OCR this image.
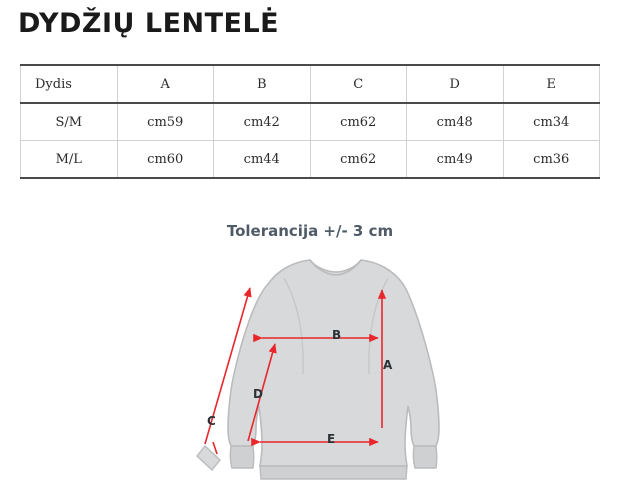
DYDŽIŲ LENTELĖ
Dydis	A	B	C	D	E
S/M	cm59	cm42	cm62	cm48	cm34
M/L	cm60	cm44	cm62	cm49	cm36
Tolerancija +/- 3 cm
A
B
C
D
E
